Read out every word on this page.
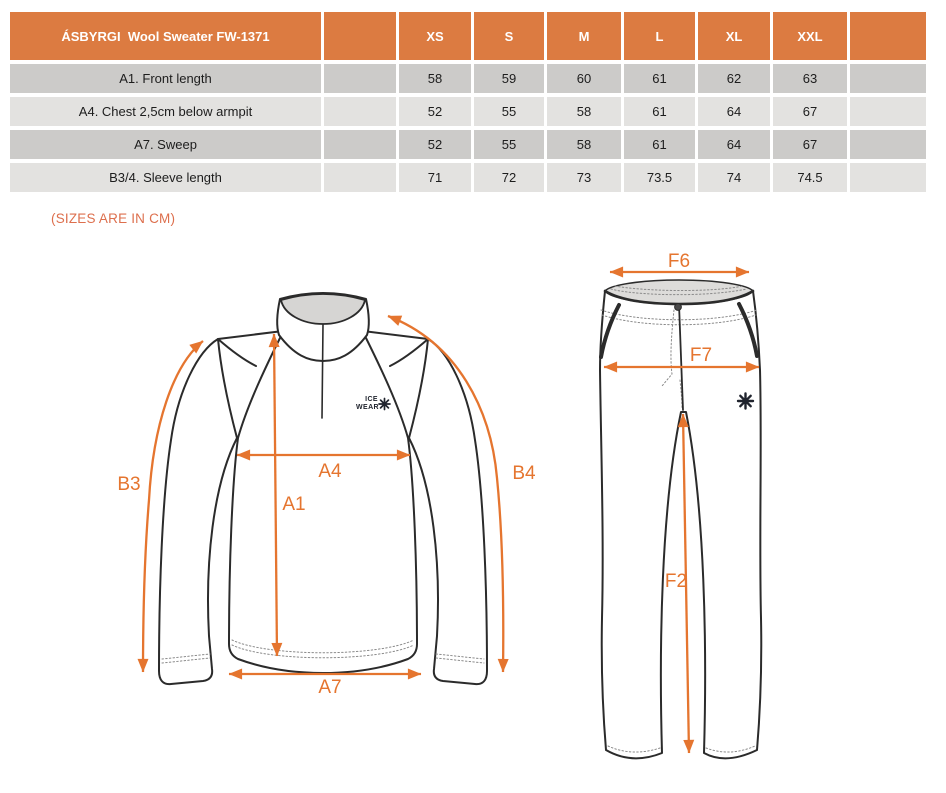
ÁSBYRGI  Wool Sweater FW-1371		XS	S	M	L	XL	XXL	
A1. Front length		58	59	60	61	62	63	
A4. Chest 2,5cm below armpit		52	55	58	61	64	67	
A7. Sweep		52	55	58	61	64	67	
B3/4. Sleeve length		71	72	73	73.5	74	74.5	
(SIZES ARE IN CM)
ICE
WEAR
B3
B4
A4
A1
A7
F6
F7
F2
